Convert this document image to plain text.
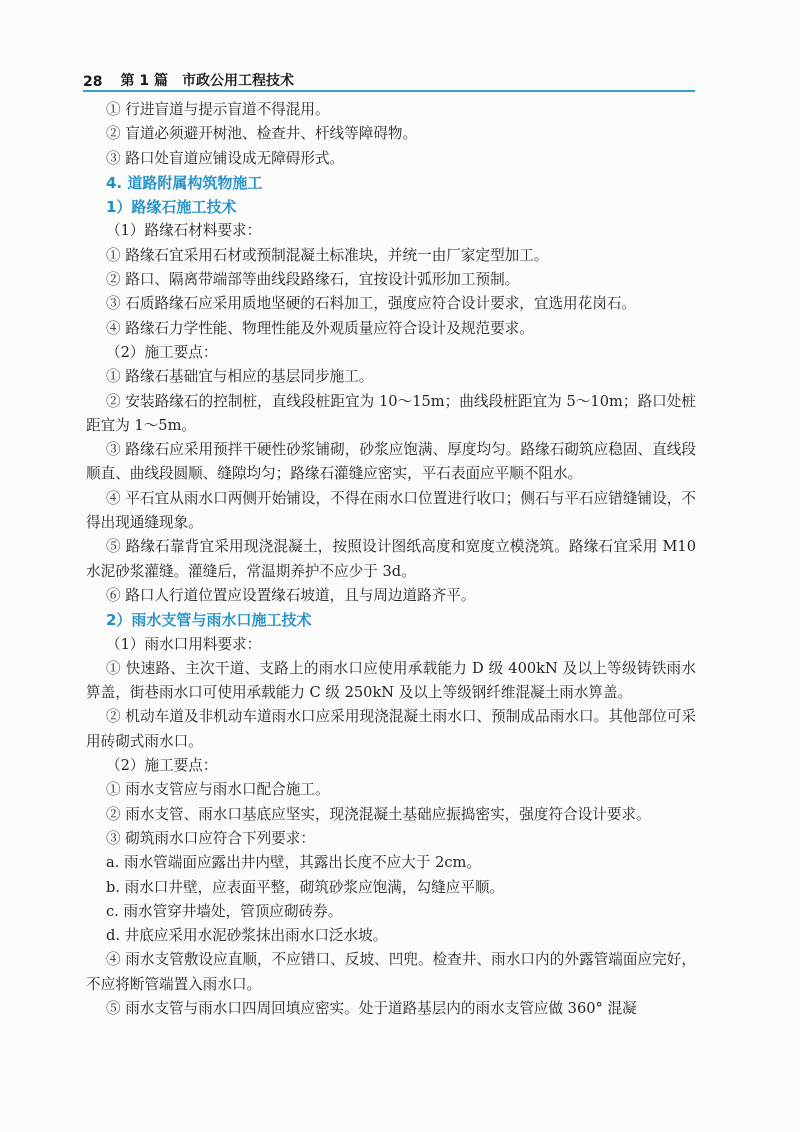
28 第 1 篇 市政公用工程技术

① 行进盲道与提示盲道不得混用。

② 盲道必须避开树池、检查井、杆线等障碍物。

③ 路口处盲道应铺设成无障碍形式。

4. 道路附属构筑物施工

1）路缘石施工技术

（1）路缘石材料要求：

① 路缘石宜采用石材或预制混凝土标准块，并统一由厂家定型加工。

② 路口、隔离带端部等曲线段路缘石，宜按设计弧形加工预制。

③ 石质路缘石应采用质地坚硬的石料加工，强度应符合设计要求，宜选用花岗石。

④ 路缘石力学性能、物理性能及外观质量应符合设计及规范要求。

（2）施工要点：

① 路缘石基础宜与相应的基层同步施工。

② 安装路缘石的控制桩，直线段桩距宜为 10～15m；曲线段桩距宜为 5～10m；路口处桩距宜为 1～5m。

③ 路缘石应采用预拌干硬性砂浆铺砌，砂浆应饱满、厚度均匀。路缘石砌筑应稳固、直线段顺直、曲线段圆顺、缝隙均匀；路缘石灌缝应密实，平石表面应平顺不阻水。

④ 平石宜从雨水口两侧开始铺设，不得在雨水口位置进行收口；侧石与平石应错缝铺设，不得出现通缝现象。

⑤ 路缘石靠背宜采用现浇混凝土，按照设计图纸高度和宽度立模浇筑。路缘石宜采用 M10 水泥砂浆灌缝。灌缝后，常温期养护不应少于 3d。

⑥ 路口人行道位置应设置缘石坡道，且与周边道路齐平。

2）雨水支管与雨水口施工技术

（1）雨水口用料要求：

① 快速路、主次干道、支路上的雨水口应使用承载能力 D 级 400kN 及以上等级铸铁雨水箅盖，街巷雨水口可使用承载能力 C 级 250kN 及以上等级钢纤维混凝土雨水箅盖。

② 机动车道及非机动车道雨水口应采用现浇混凝土雨水口、预制成品雨水口。其他部位可采用砖砌式雨水口。

（2）施工要点：

① 雨水支管应与雨水口配合施工。

② 雨水支管、雨水口基底应坚实，现浇混凝土基础应振捣密实，强度符合设计要求。

③ 砌筑雨水口应符合下列要求：

a. 雨水管端面应露出井内壁，其露出长度不应大于 2cm。

b. 雨水口井壁，应表面平整，砌筑砂浆应饱满，勾缝应平顺。

c. 雨水管穿井墙处，管顶应砌砖券。

d. 井底应采用水泥砂浆抹出雨水口泛水坡。

④ 雨水支管敷设应直顺，不应错口、反坡、凹兜。检查井、雨水口内的外露管端面应完好，不应将断管端置入雨水口。

⑤ 雨水支管与雨水口四周回填应密实。处于道路基层内的雨水支管应做 360° 混凝
